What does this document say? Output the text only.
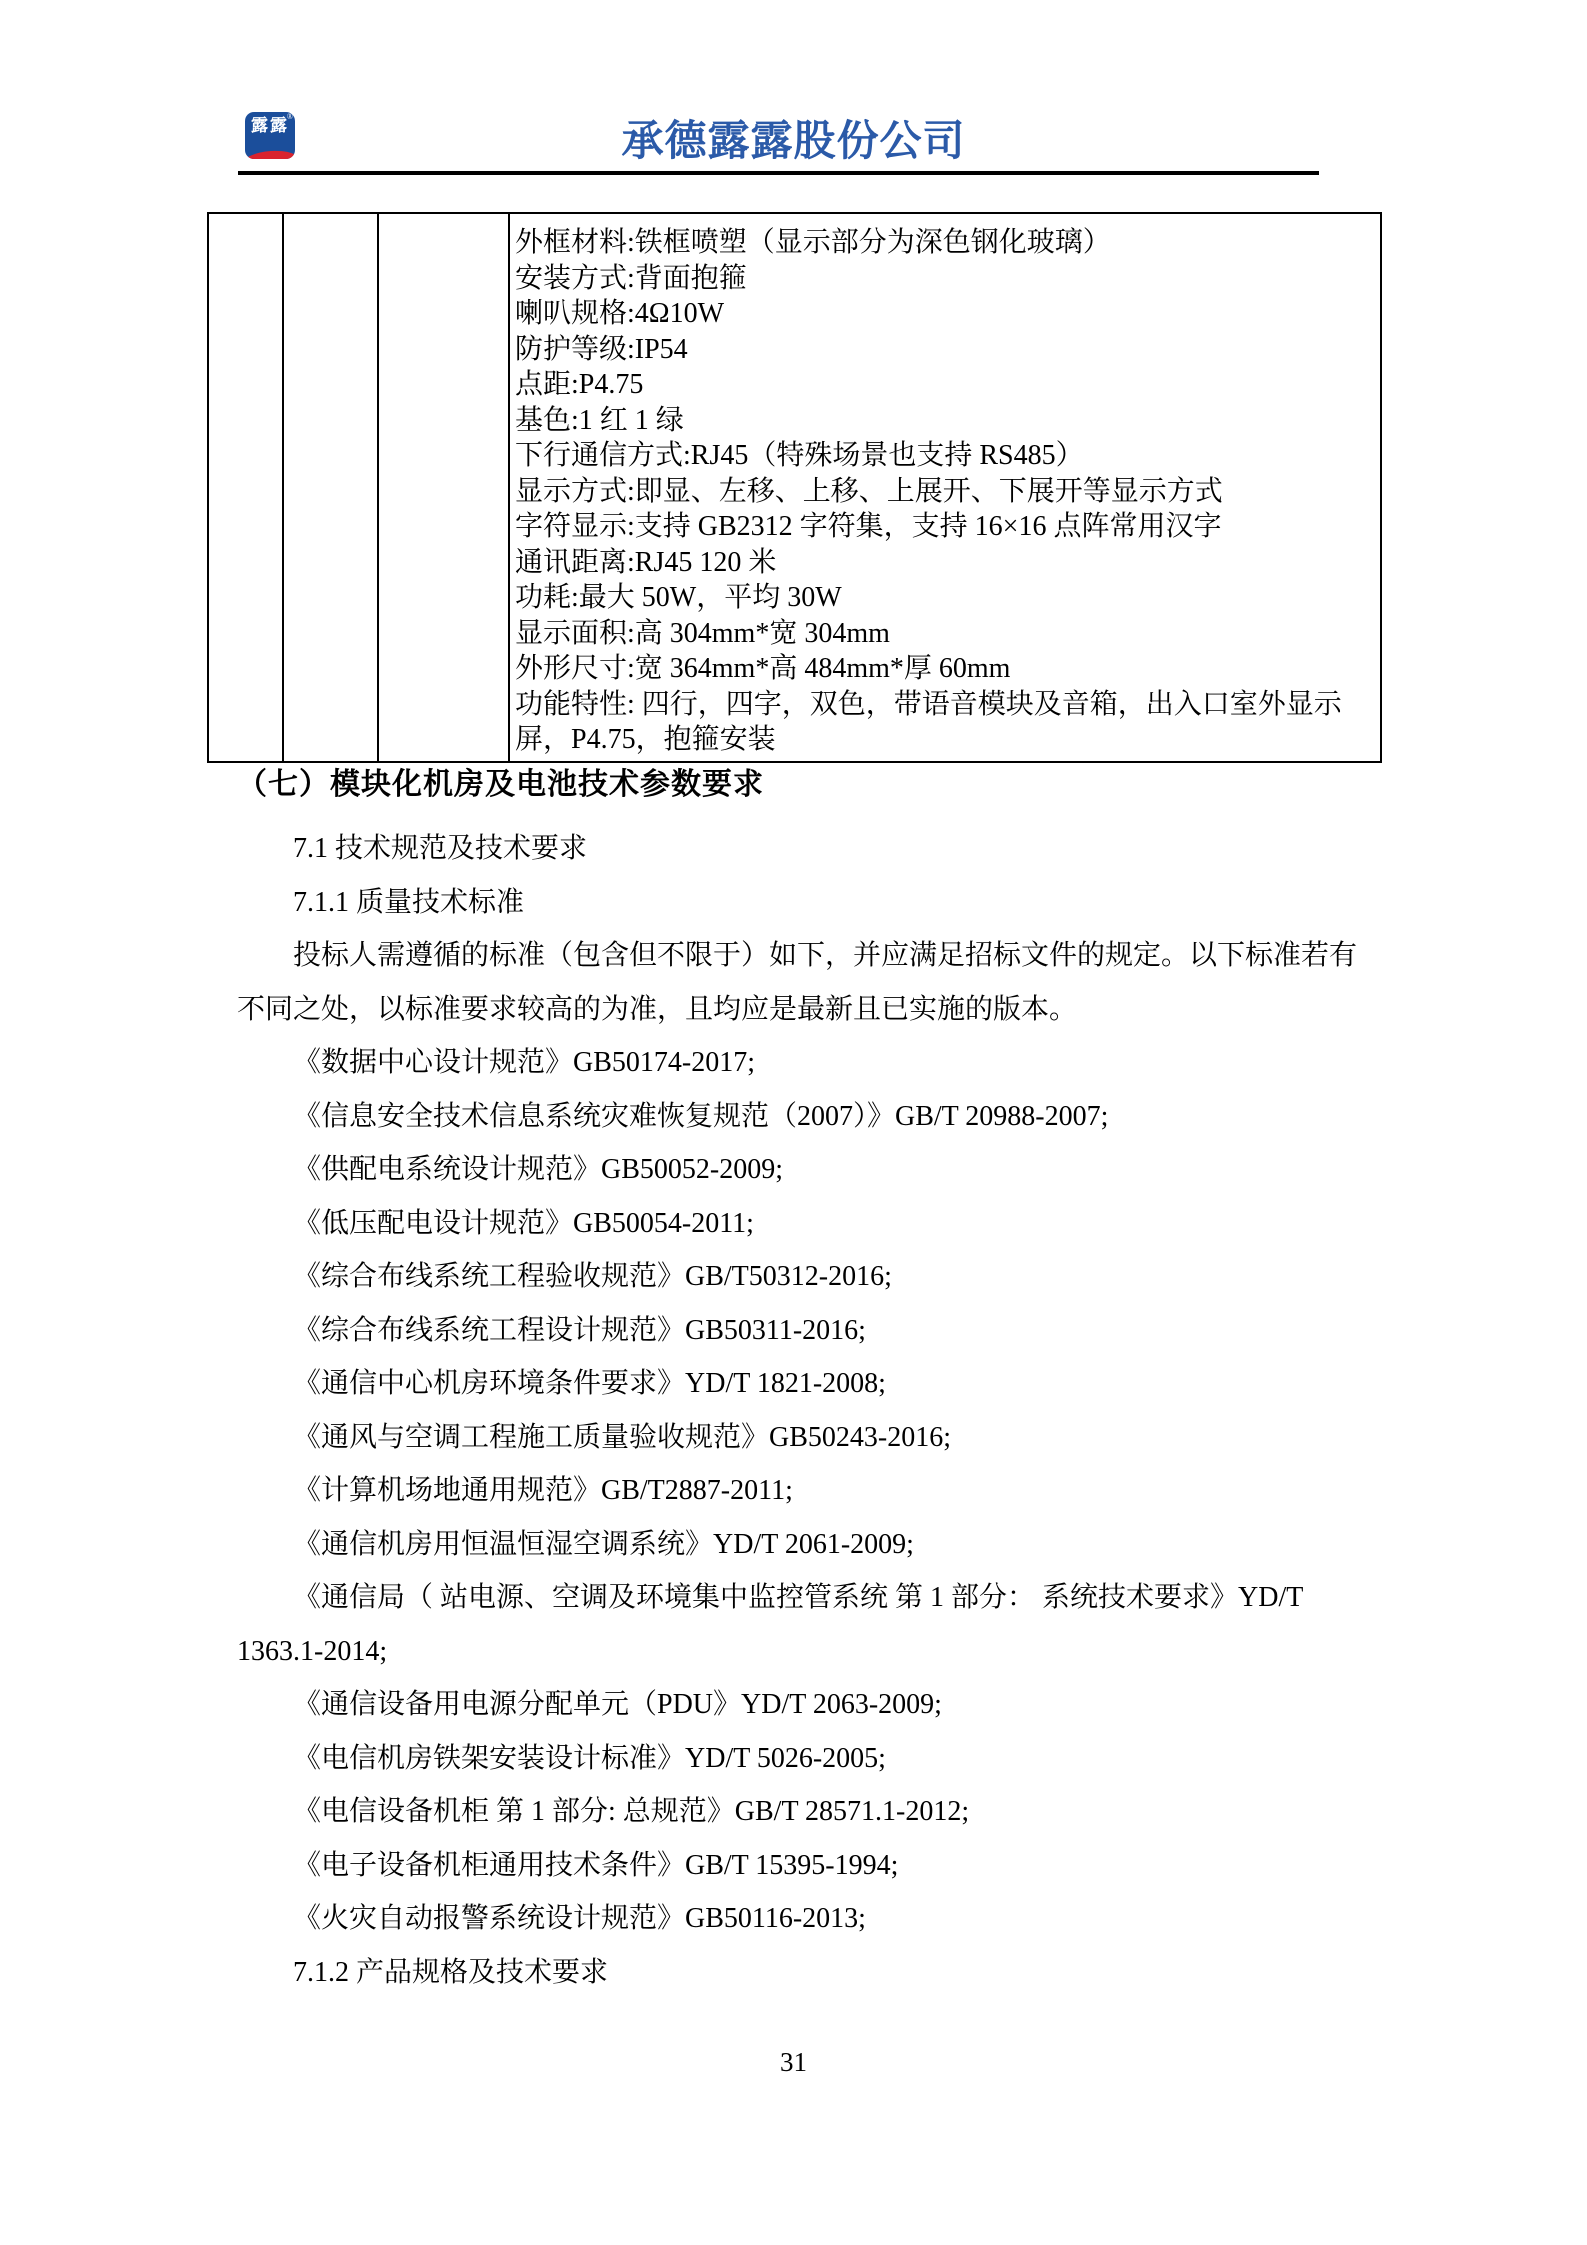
®
露露	承德露露股份公司

外框材料:铁框喷塑（显示部分为深色钢化玻璃）
安装方式:背面抱箍
喇叭规格:4Ω10W
防护等级:IP54
点距:P4.75
基色:1 红 1 绿
下行通信方式:RJ45（特殊场景也支持 RS485）
显示方式:即显、左移、上移、上展开、下展开等显示方式
字符显示:支持 GB2312 字符集，支持 16×16 点阵常用汉字
通讯距离:RJ45 120 米
功耗:最大 50W，平均 30W
显示面积:高 304mm*宽 304mm
外形尺寸:宽 364mm*高 484mm*厚 60mm
功能特性: 四行，四字，双色，带语音模块及音箱，出入口室外显示屏，P4.75，抱箍安装
（七）模块化机房及电池技术参数要求
7.1 技术规范及技术要求
7.1.1 质量技术标准
投标人需遵循的标准（包含但不限于）如下，并应满足招标文件的规定。以下标准若有
不同之处，以标准要求较高的为准，且均应是最新且已实施的版本。
《数据中心设计规范》GB50174-2017;
《信息安全技术信息系统灾难恢复规范（2007）》GB/T 20988-2007;
《供配电系统设计规范》GB50052-2009;
《低压配电设计规范》GB50054-2011;
《综合布线系统工程验收规范》GB/T50312-2016;
《综合布线系统工程设计规范》GB50311-2016;
《通信中心机房环境条件要求》YD/T 1821-2008;
《通风与空调工程施工质量验收规范》GB50243-2016;
《计算机场地通用规范》GB/T2887-2011;
《通信机房用恒温恒湿空调系统》YD/T 2061-2009;
《通信局（ 站电源、空调及环境集中监控管系统 第 1 部分： 系统技术要求》YD/T
1363.1-2014;
《通信设备用电源分配单元（PDU》YD/T 2063-2009;
《电信机房铁架安装设计标准》YD/T 5026-2005;
《电信设备机柜 第 1 部分: 总规范》GB/T 28571.1-2012;
《电子设备机柜通用技术条件》GB/T 15395-1994;
《火灾自动报警系统设计规范》GB50116-2013;
7.1.2 产品规格及技术要求
31
